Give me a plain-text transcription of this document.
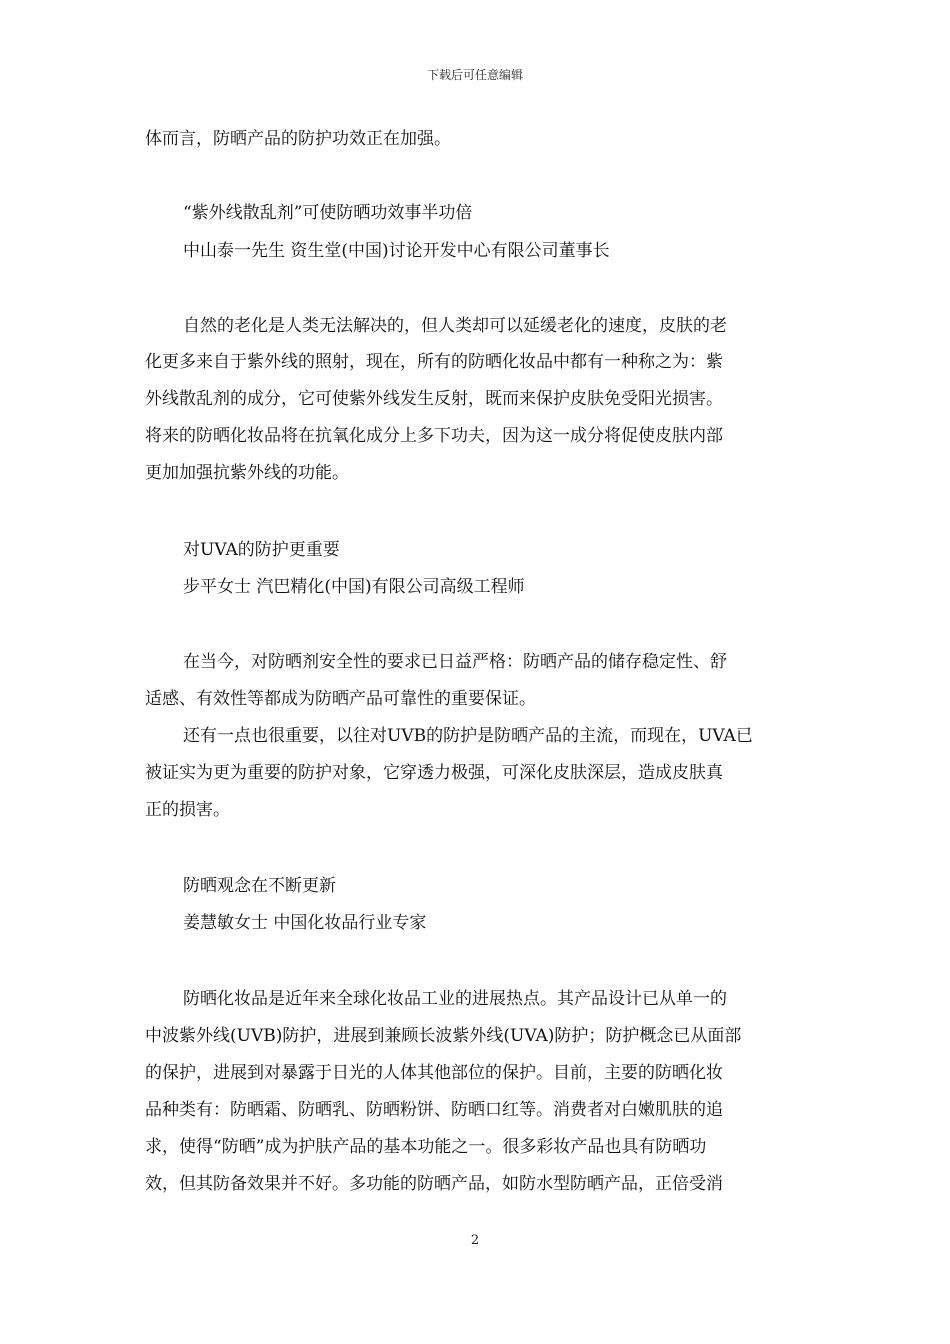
下载后可任意编辑
体而言，防晒产品的防护功效正在加强。
“紫外线散乱剂”可使防晒功效事半功倍
中山泰一先生 资生堂(中国)讨论开发中心有限公司董事长
自然的老化是人类无法解决的，但人类却可以延缓老化的速度，皮肤的老
化更多来自于紫外线的照射，现在，所有的防晒化妆品中都有一种称之为：紫
外线散乱剂的成分，它可使紫外线发生反射，既而来保护皮肤免受阳光损害。
将来的防晒化妆品将在抗氧化成分上多下功夫，因为这一成分将促使皮肤内部
更加加强抗紫外线的功能。
对UVA的防护更重要
步平女士 汽巴精化(中国)有限公司高级工程师
在当今，对防晒剂安全性的要求已日益严格：防晒产品的储存稳定性、舒
适感、有效性等都成为防晒产品可靠性的重要保证。
还有一点也很重要，以往对UVB的防护是防晒产品的主流，而现在，UVA已
被证实为更为重要的防护对象，它穿透力极强，可深化皮肤深层，造成皮肤真
正的损害。
防晒观念在不断更新
姜慧敏女士 中国化妆品行业专家
防晒化妆品是近年来全球化妆品工业的进展热点。其产品设计已从单一的
中波紫外线(UVB)防护，进展到兼顾长波紫外线(UVA)防护；防护概念已从面部
的保护，进展到对暴露于日光的人体其他部位的保护。目前，主要的防晒化妆
品种类有：防晒霜、防晒乳、防晒粉饼、防晒口红等。消费者对白嫩肌肤的追
求，使得“防晒”成为护肤产品的基本功能之一。很多彩妆产品也具有防晒功
效，但其防备效果并不好。多功能的防晒产品，如防水型防晒产品，正倍受消
2
